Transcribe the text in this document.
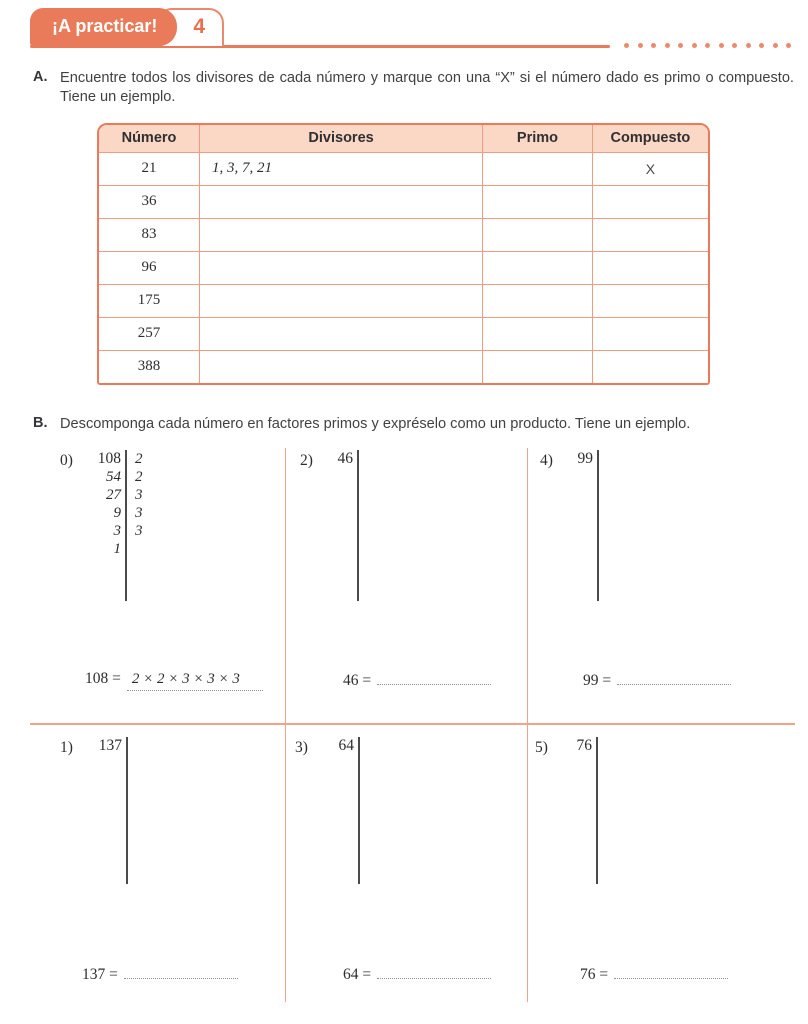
¡A practicar!	4
A. Encuentre todos los divisores de cada número y marque con una “X” si el número dado es primo o compuesto. Tiene un ejemplo.

Número	Divisores	Primo	Compuesto
21	1, 3, 7, 21		X
36			
83			
96			
175			
257			
388			
B. Descomponga cada número en factores primos y expréselo como un producto. Tiene un ejemplo.

0)	108 2
54 2
27 3
9 3
3 3
1
2)	46	4)	99
1)	137	3)	64	5)	76
108 = 2 × 2 × 3 × 3 × 3	46 =	99 =
137 =	64 =	76 =
